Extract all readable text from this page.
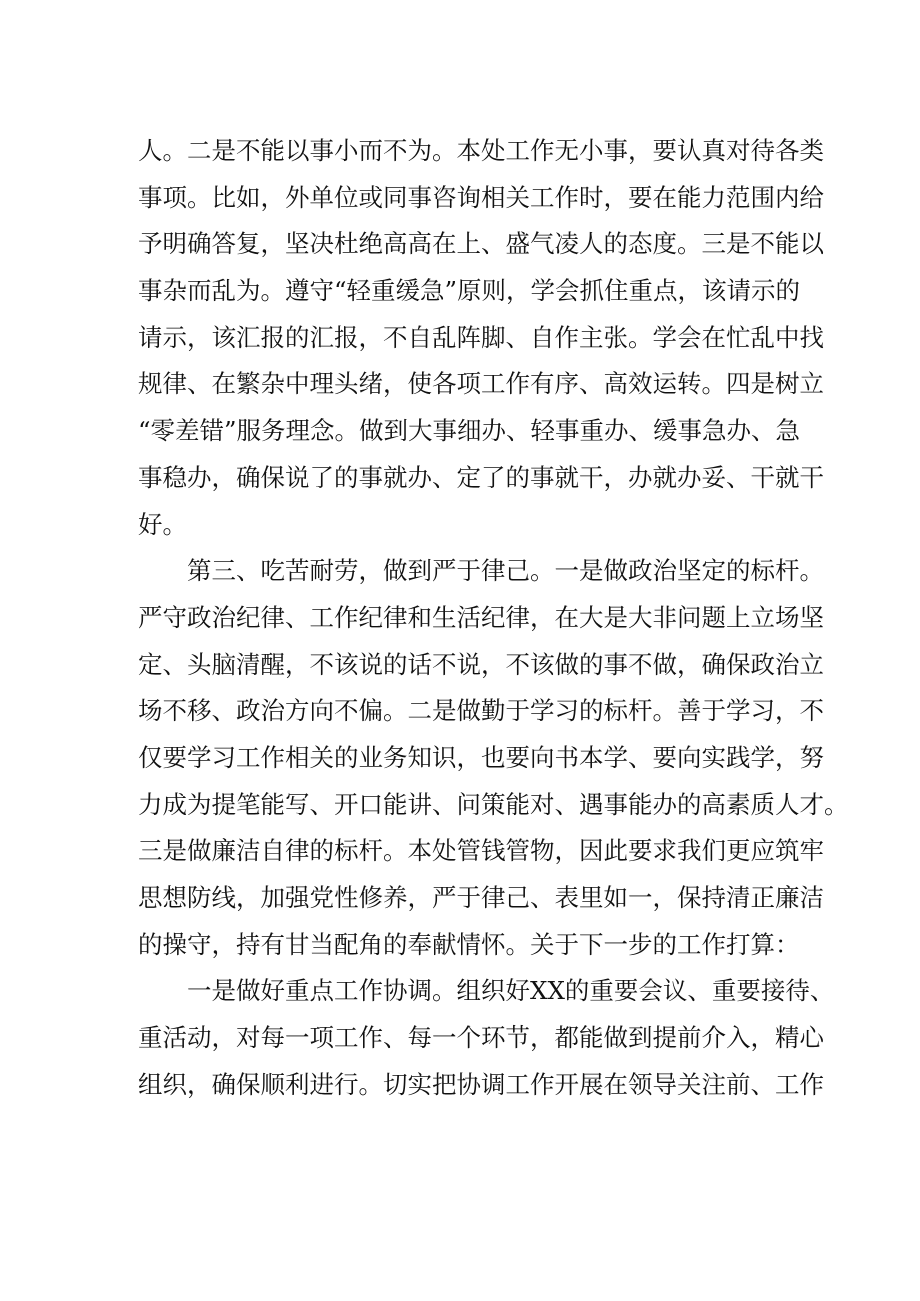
人。二是不能以事小而不为。本处工作无小事，要认真对待各类
事项。比如，外单位或同事咨询相关工作时，要在能力范围内给
予明确答复，坚决杜绝高高在上、盛气凌人的态度。三是不能以
事杂而乱为。遵守“轻重缓急”原则，学会抓住重点，该请示的
请示，该汇报的汇报，不自乱阵脚、自作主张。学会在忙乱中找
规律、在繁杂中理头绪，使各项工作有序、高效运转。四是树立
“零差错”服务理念。做到大事细办、轻事重办、缓事急办、急
事稳办，确保说了的事就办、定了的事就干，办就办妥、干就干
好。
第三、吃苦耐劳，做到严于律己。一是做政治坚定的标杆。
严守政治纪律、工作纪律和生活纪律，在大是大非问题上立场坚
定、头脑清醒，不该说的话不说，不该做的事不做，确保政治立
场不移、政治方向不偏。二是做勤于学习的标杆。善于学习，不
仅要学习工作相关的业务知识，也要向书本学、要向实践学，努
力成为提笔能写、开口能讲、问策能对、遇事能办的高素质人才。
三是做廉洁自律的标杆。本处管钱管物，因此要求我们更应筑牢
思想防线，加强党性修养，严于律己、表里如一，保持清正廉洁
的操守，持有甘当配角的奉献情怀。关于下一步的工作打算：
一是做好重点工作协调。组织好XX的重要会议、重要接待、
重活动，对每一项工作、每一个环节，都能做到提前介入，精心
组织，确保顺利进行。切实把协调工作开展在领导关注前、工作
